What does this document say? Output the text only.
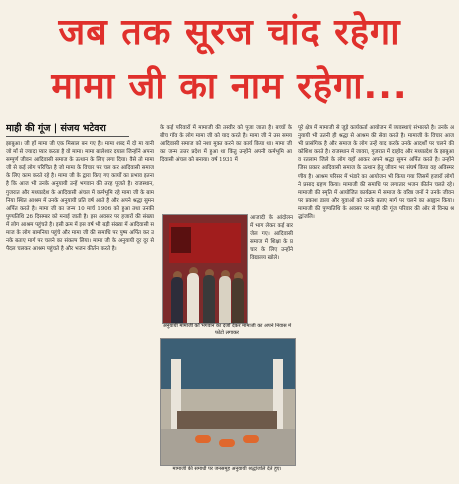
जब तक सूरज चांद रहेगा
मामा जी का नाम रहेगा...
माही की गूंज | संजय भटेवरा
झाबुआ। जी हाँ मामा जी एक मिसाल बन गए है। मामा शब्द में दो मा यानी जो माँ से ज्यादा प्यार करता है वो मामा। मामा बालेश्वर दयाल जिन्होंने अपना सम्पूर्ण जीवन आदिवासी समाज के उत्थान के लिए लगा दिया। वैसे तो मामा जी से कई लोग परिचित है जो मामा के विचार पर चल कर आदिवासी समाज के लिए काम करते रहे है। मामा जी के द्वारा किए गए कार्यों का प्रभाव इतना है कि आज भी उनके अनुयायी उन्हें भगवान की तरह पूजते है। राजस्थान, गुजरात और मध्यप्रदेश के आदिवासी अंचल में कर्मभूमि रहे मामा जी के बामनिया स्थित आश्रम में उनके अनुयायी प्रति वर्ष आते है और अपने श्रद्धा सुमन अर्पित करते है। मामा जी का जन्म 10 मार्च 1906 को हुआ तथा उनकी पुण्यतिथि 26 दिसम्बर को मनाई जाती है। इस अवसर पर हजारों की संख्या में लोग आश्रम पहुंचते है। इसी क्रम में इस वर्ष भी बड़ी संख्या में आदिवासी समाज के लोग बामनिया पहुंचे और मामा जी की समाधि पर पुष्प अर्पित कर उनके बताए मार्ग पर चलने का संकल्प लिया। मामा जी के अनुयायी दूर दूर से पैदल चलकर आश्रम पहुंचते है और भजन कीर्तन करते है।
के कई परिवारों में मामाजी की तस्वीर को पूजा जाता है। बच्चों के बीच गाँव के लोग मामा जी को याद करते है। मामा जी ने उस समय आदिवासी समाज को नशा मुक्त करने का कार्य किया था। मामा जी का जन्म उत्तर प्रदेश में हुआ था किंतु उन्होंने अपनी कर्मभूमि आदिवासी अंचल को बनाया। वर्ष 1931 में
आजादी के आंदोलन में भाग लेकर कई बार जेल गए। आदिवासी समाज में शिक्षा के प्रचार के लिए उन्होंने विद्यालय खोले।
पूरे क्षेत्र में मामाजी से जुड़े कार्यकर्ता आयोजन में व्यवस्थाएं संभालते है। उनके अनुयायी भी उतनी ही श्रद्धा से आश्रम की सेवा करते है। मामाजी के विचार आज भी प्रासंगिक है और समाज के लोग उन्हें याद करके उनके आदर्शों पर चलने की कोशिश करते है। राजस्थान में जावरा, गुजरात में दाहोद और मध्यप्रदेश के झाबुआ व रतलाम जिले के लोग यहाँ आकर अपने श्रद्धा सुमन अर्पित करते है। उन्होंने जिस प्रकार आदिवासी समाज के उत्थान हेतु जीवन भर संघर्ष किया वह अविस्मरणीय है। आश्रम परिसर में भंडारे का आयोजन भी किया गया जिसमें हजारों लोगों ने प्रसाद ग्रहण किया। मामाजी की समाधि पर लगातार भजन कीर्तन चलते रहे। मामाजी की स्मृति में आयोजित कार्यक्रम में समाज के वरिष्ठ जनों ने उनके जीवन पर प्रकाश डाला और युवाओं को उनके बताए मार्ग पर चलने का आह्वान किया। मामाजी की पुण्यतिथि के अवसर पर माही की गूंज परिवार की ओर से विनम्र श्रद्धांजलि।
अनुयायी मामाजी को भगवान का दर्जा देकर मामाजी का अपने निवास में फोटो लगाकर
मामाजी की समाधी पर जनसमूह अनुयायी श्रद्धांजलि देते हुए।
